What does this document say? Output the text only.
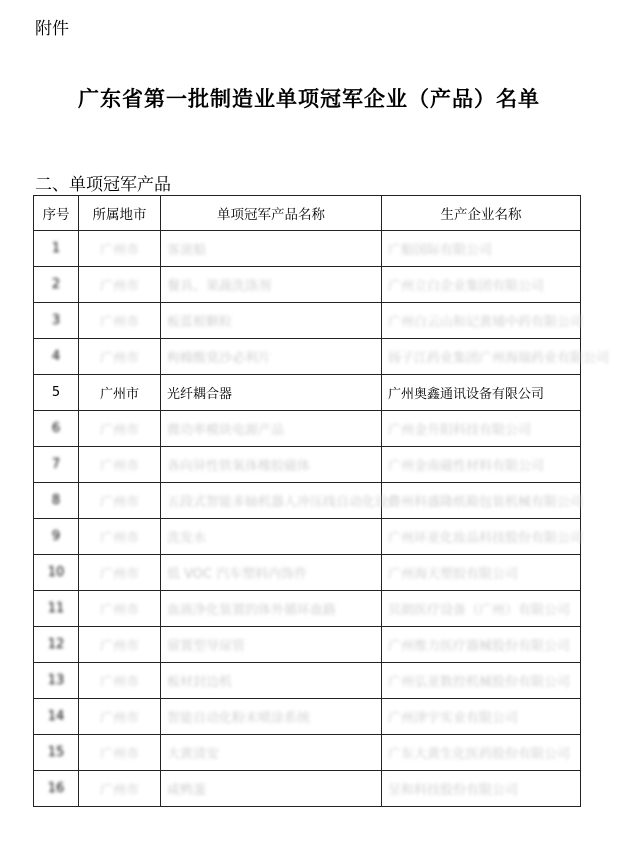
附件
广东省第一批制造业单项冠军企业（产品）名单
二、单项冠军产品
序号	所属地市	单项冠军产品名称	生产企业名称
1	广州市	客滚船	广船国际有限公司
2	广州市	餐具、果蔬洗涤剂	广州立白企业集团有限公司
3	广州市	板蓝根颗粒	广州白云山和记黄埔中药有限公司
4	广州市	枸橼酸莫沙必利片	扬子江药业集团广州海瑞药业有限公司
5	广州市	光纤耦合器	广州奥鑫通讯设备有限公司
6	广州市	微功率模块电源产品	广州金升阳科技有限公司
7	广州市	各向异性铁氧体橡胶磁体	广州金南磁性材料有限公司
8	广州市	五段式智能多轴机器人冲压线自动化设备	广州科盛隆纸箱包装机械有限公司
9	广州市	洗发水	广州环亚化妆品科技股份有限公司
10	广州市	低 VOC 汽车塑料内饰件	广州海天塑胶有限公司
11	广州市	血液净化装置的体外循环血路	贝朗医疗设备（广州）有限公司
12	广州市	留置型导尿管	广州维力医疗器械股份有限公司
13	广州市	板材封边机	广州弘亚数控机械股份有限公司
14	广州市	智能自动化粉末喷涂系统	广州津宇实业有限公司
15	广州市	大黄清安	广东大黄生化医药股份有限公司
16	广州市	咸鸭蛋	呈和科技股份有限公司
